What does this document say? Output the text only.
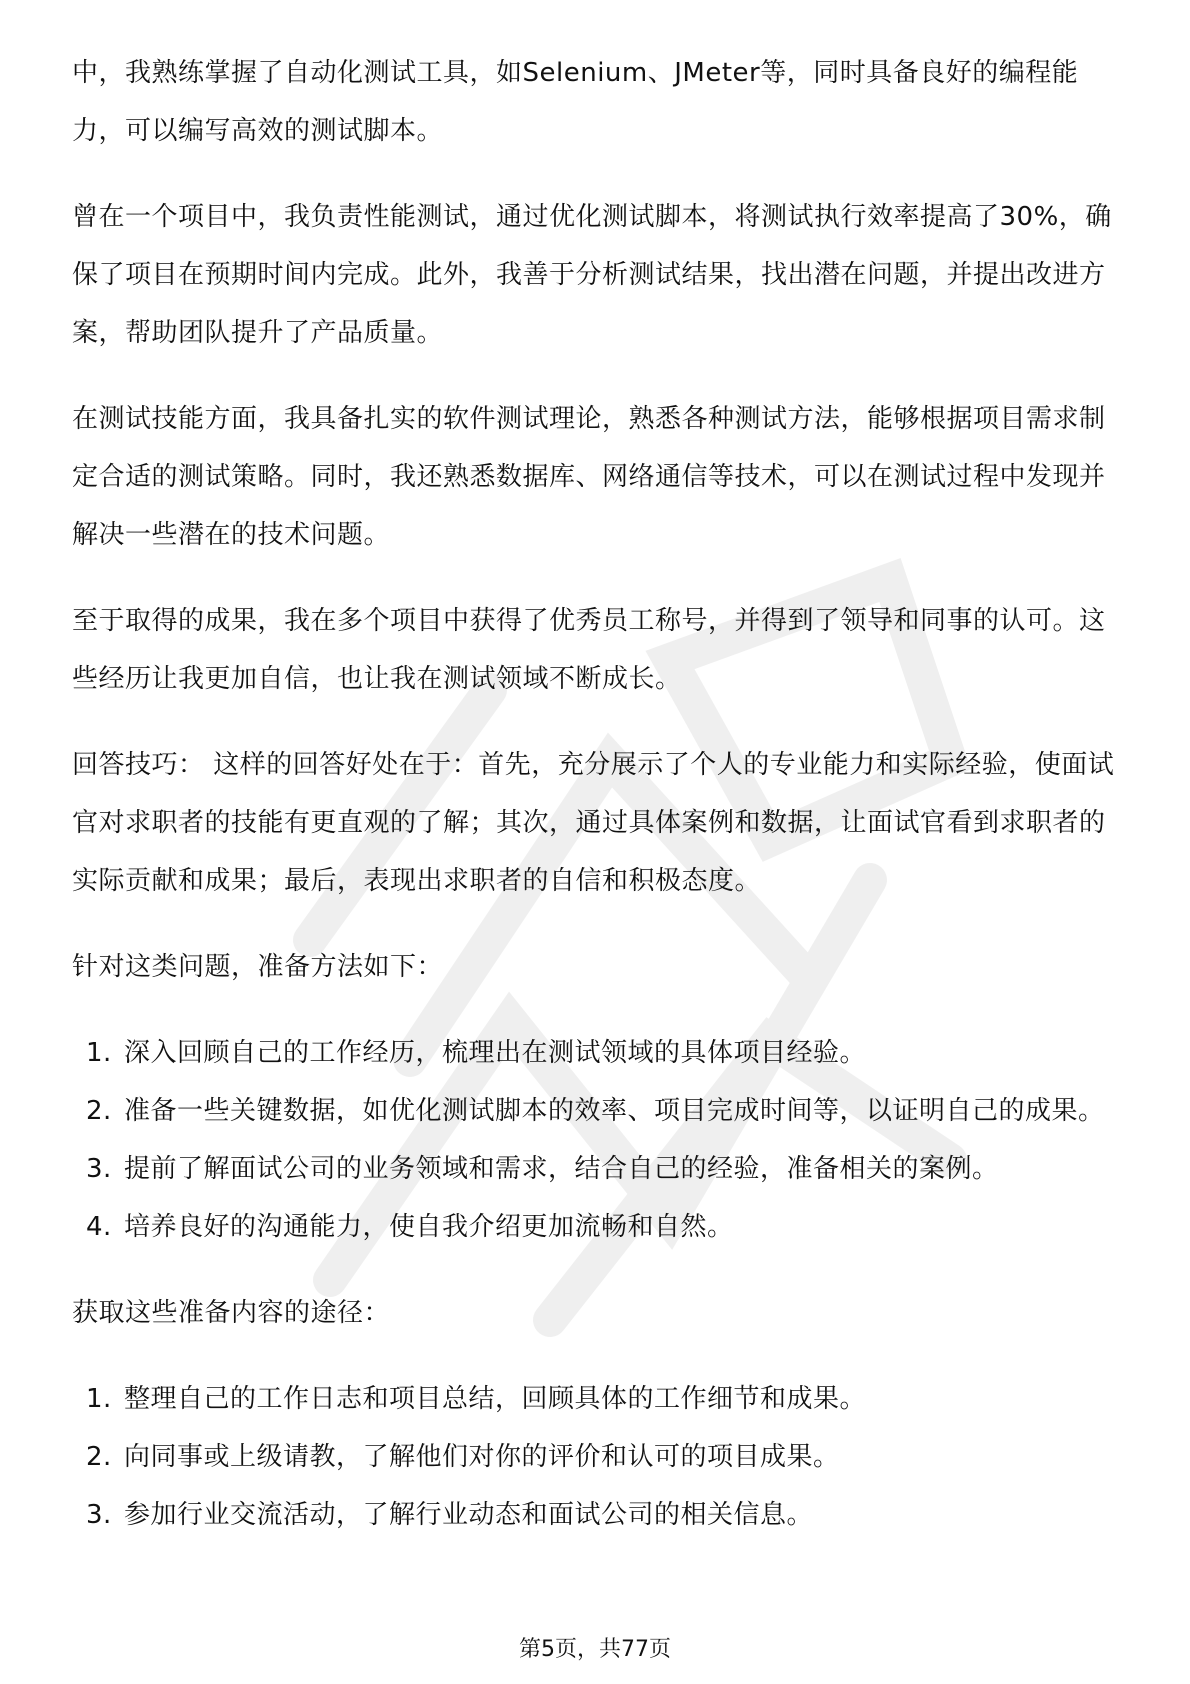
中，我熟练掌握了自动化测试工具，如Selenium、JMeter等，同时具备良好的编程能力，可以编写高效的测试脚本。

曾在一个项目中，我负责性能测试，通过优化测试脚本，将测试执行效率提高了30%，确保了项目在预期时间内完成。此外，我善于分析测试结果，找出潜在问题，并提出改进方案，帮助团队提升了产品质量。

在测试技能方面，我具备扎实的软件测试理论，熟悉各种测试方法，能够根据项目需求制定合适的测试策略。同时，我还熟悉数据库、网络通信等技术，可以在测试过程中发现并解决一些潜在的技术问题。

至于取得的成果，我在多个项目中获得了优秀员工称号，并得到了领导和同事的认可。这些经历让我更加自信，也让我在测试领域不断成长。

回答技巧： 这样的回答好处在于：首先，充分展示了个人的专业能力和实际经验，使面试官对求职者的技能有更直观的了解；其次，通过具体案例和数据，让面试官看到求职者的实际贡献和成果；最后，表现出求职者的自信和积极态度。

针对这类问题，准备方法如下：

1. 深入回顾自己的工作经历，梳理出在测试领域的具体项目经验。
2. 准备一些关键数据，如优化测试脚本的效率、项目完成时间等，以证明自己的成果。
3. 提前了解面试公司的业务领域和需求，结合自己的经验，准备相关的案例。
4. 培养良好的沟通能力，使自我介绍更加流畅和自然。

获取这些准备内容的途径：

1. 整理自己的工作日志和项目总结，回顾具体的工作细节和成果。
2. 向同事或上级请教，了解他们对你的评价和认可的项目成果。
3. 参加行业交流活动，了解行业动态和面试公司的相关信息。
第5页，共77页
